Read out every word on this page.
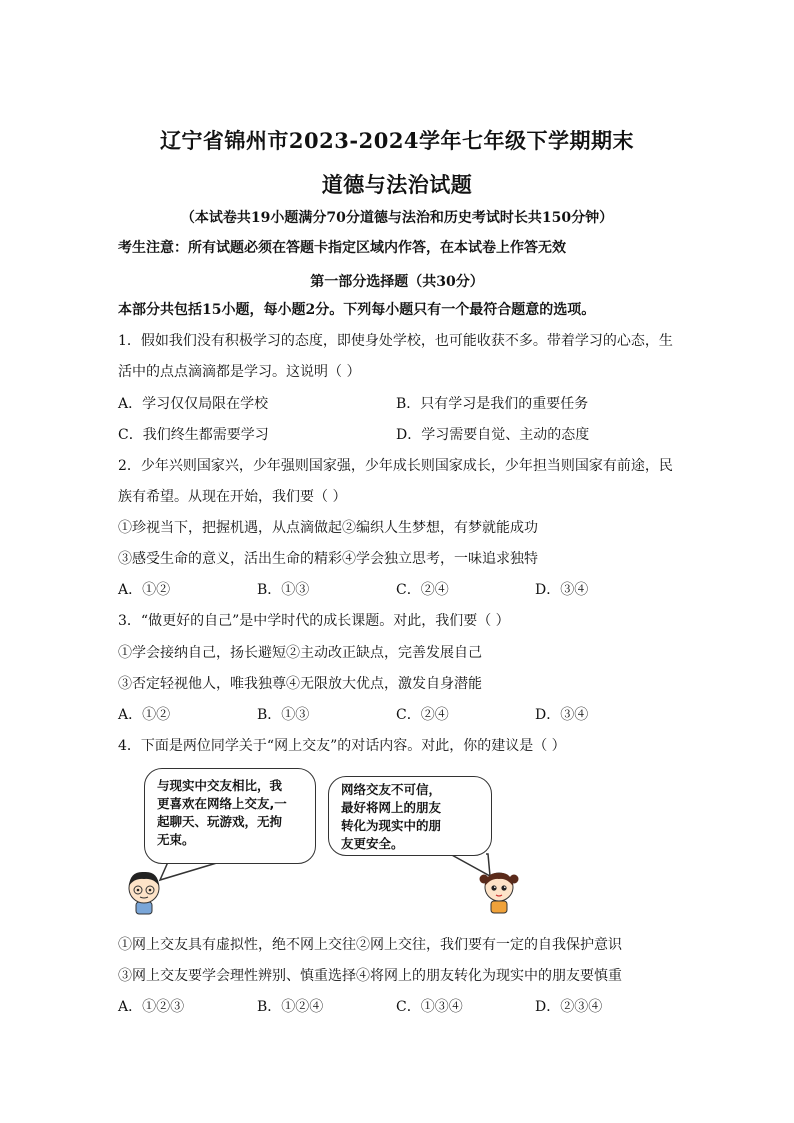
辽宁省锦州市2023-2024学年七年级下学期期末
道德与法治试题
（本试卷共19小题满分70分道德与法治和历史考试时长共150分钟）
考生注意：所有试题必须在答题卡指定区域内作答，在本试卷上作答无效
第一部分选择题（共30分）
本部分共包括15小题，每小题2分。下列每小题只有一个最符合题意的选项。
1．假如我们没有积极学习的态度，即使身处学校，也可能收获不多。带着学习的心态，生
活中的点点滴滴都是学习。这说明（ ）
A．学习仅仅局限在学校	B．只有学习是我们的重要任务
C．我们终生都需要学习	D．学习需要自觉、主动的态度
2．少年兴则国家兴，少年强则国家强，少年成长则国家成长，少年担当则国家有前途，民
族有希望。从现在开始，我们要（ ）
①珍视当下，把握机遇，从点滴做起②编织人生梦想，有梦就能成功
③感受生命的意义，活出生命的精彩④学会独立思考，一味追求独特
A．①②	B．①③	C．②④	D．③④
3．“做更好的自己”是中学时代的成长课题。对此，我们要（ ）
①学会接纳自己，扬长避短②主动改正缺点，完善发展自己
③否定轻视他人，唯我独尊④无限放大优点，激发自身潜能
A．①②	B．①③	C．②④	D．③④
4．下面是两位同学关于“网上交友”的对话内容。对此，你的建议是（ ）
与现实中交友相比，我
更喜欢在网络上交友,一
起聊天、玩游戏，无拘
无束。
网络交友不可信，
最好将网上的朋友
转化为现实中的朋
友更安全。
①网上交友具有虚拟性，绝不网上交往②网上交往，我们要有一定的自我保护意识
③网上交友要学会理性辨别、慎重选择④将网上的朋友转化为现实中的朋友要慎重
A．①②③	B．①②④	C．①③④	D．②③④
